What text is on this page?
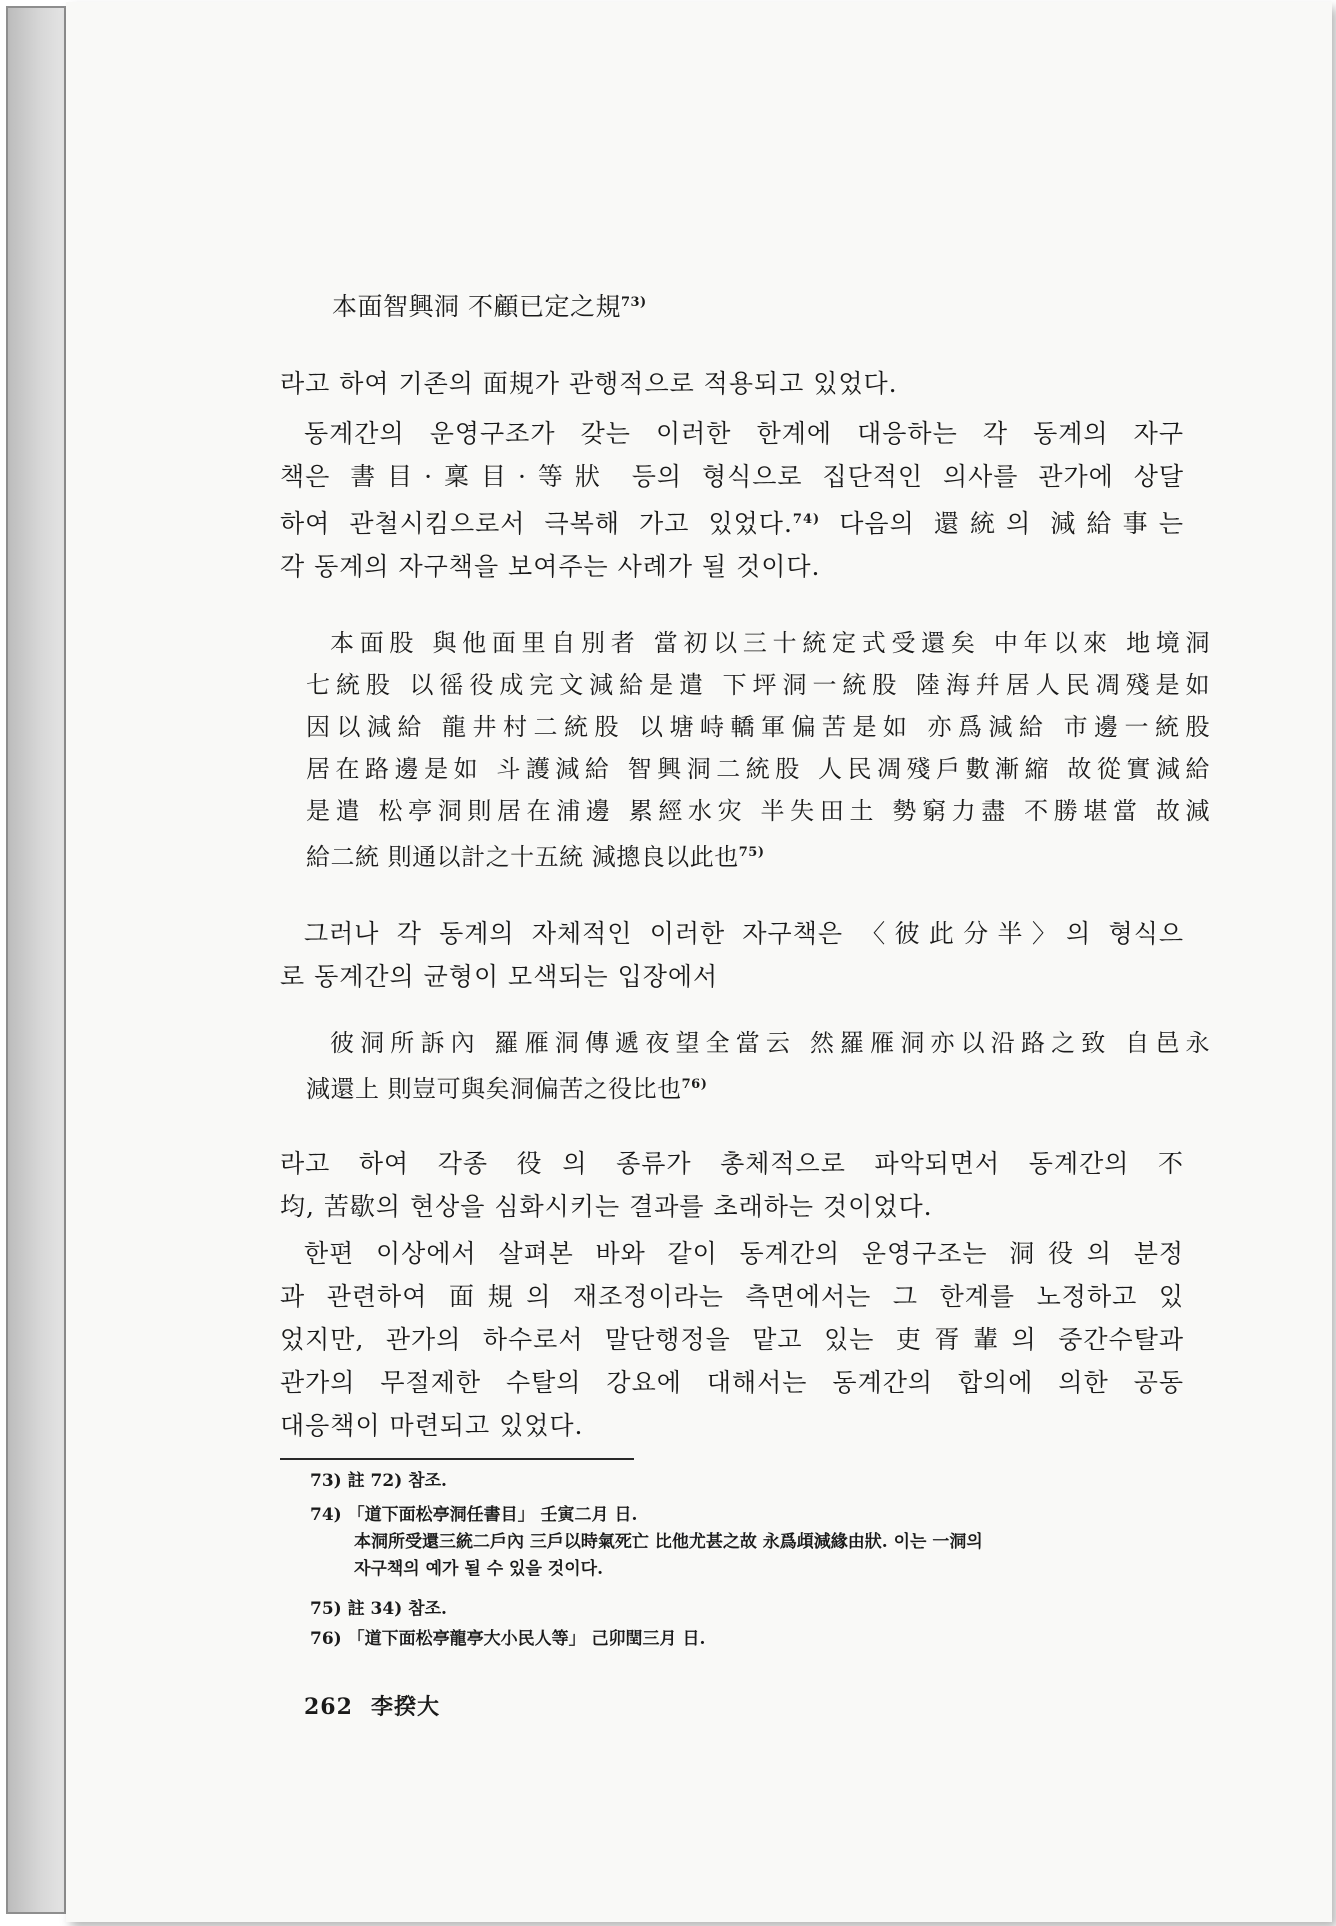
本面智興洞 不顧已定之規$^{73)}$
라고 하여 기존의 面規가 관행적으로 적용되고 있었다.
동계간의 운영구조가 갖는 이러한 한계에 대응하는 각 동계의 자구
책은 書目·稟目·等狀 등의 형식으로 집단적인 의사를 관가에 상달
하여 관철시킴으로서 극복해 가고 있었다.$^{74)}$ 다음의 還統의 減給事는
각 동계의 자구책을 보여주는 사례가 될 것이다.
本面股 與他面里自別者 當初以三十統定式受還矣 中年以來 地境洞
七統股 以徭役成完文減給是遣 下坪洞一統股 陸海幷居人民凋殘是如
因以減給 龍井村二統股 以塘峙轎軍偏苦是如 亦爲減給 市邊一統股
居在路邊是如 斗護減給 智興洞二統股 人民凋殘戶數漸縮 故從實減給
是遣 松亭洞則居在浦邊 累經水灾 半失田土 勢窮力盡 不勝堪當 故減
給二統 則通以計之十五統 減摠良以此也$^{75)}$
그러나 각 동계의 자체적인 이러한 자구책은 〈彼此分半〉의 형식으
로 동계간의 균형이 모색되는 입장에서
彼洞所訴內 羅雁洞傳遞夜望全當云 然羅雁洞亦以沿路之致 自邑永
減還上 則豈可與矣洞偏苦之役比也$^{76)}$
라고 하여 각종 役의 종류가 총체적으로 파악되면서 동계간의 不
均, 苦歇의 현상을 심화시키는 결과를 초래하는 것이었다.
한편 이상에서 살펴본 바와 같이 동계간의 운영구조는 洞役의 분정
과 관련하여 面規의 재조정이라는 측면에서는 그 한계를 노정하고 있
었지만, 관가의 하수로서 말단행정을 맡고 있는 吏胥輩의 중간수탈과
관가의 무절제한 수탈의 강요에 대해서는 동계간의 합의에 의한 공동
대응책이 마련되고 있었다.
73) 註 72) 참조.
74) 「道下面松亭洞任書目」 壬寅二月 日.
本洞所受還三統二戶內 三戶以時氣死亡 比他尤甚之故 永爲頉減緣由狀. 이는 一洞의
자구책의 예가 될 수 있을 것이다.
75) 註 34) 참조.
76) 「道下面松亭龍亭大小民人等」 己卯閏三月 日.
262 李揆大
